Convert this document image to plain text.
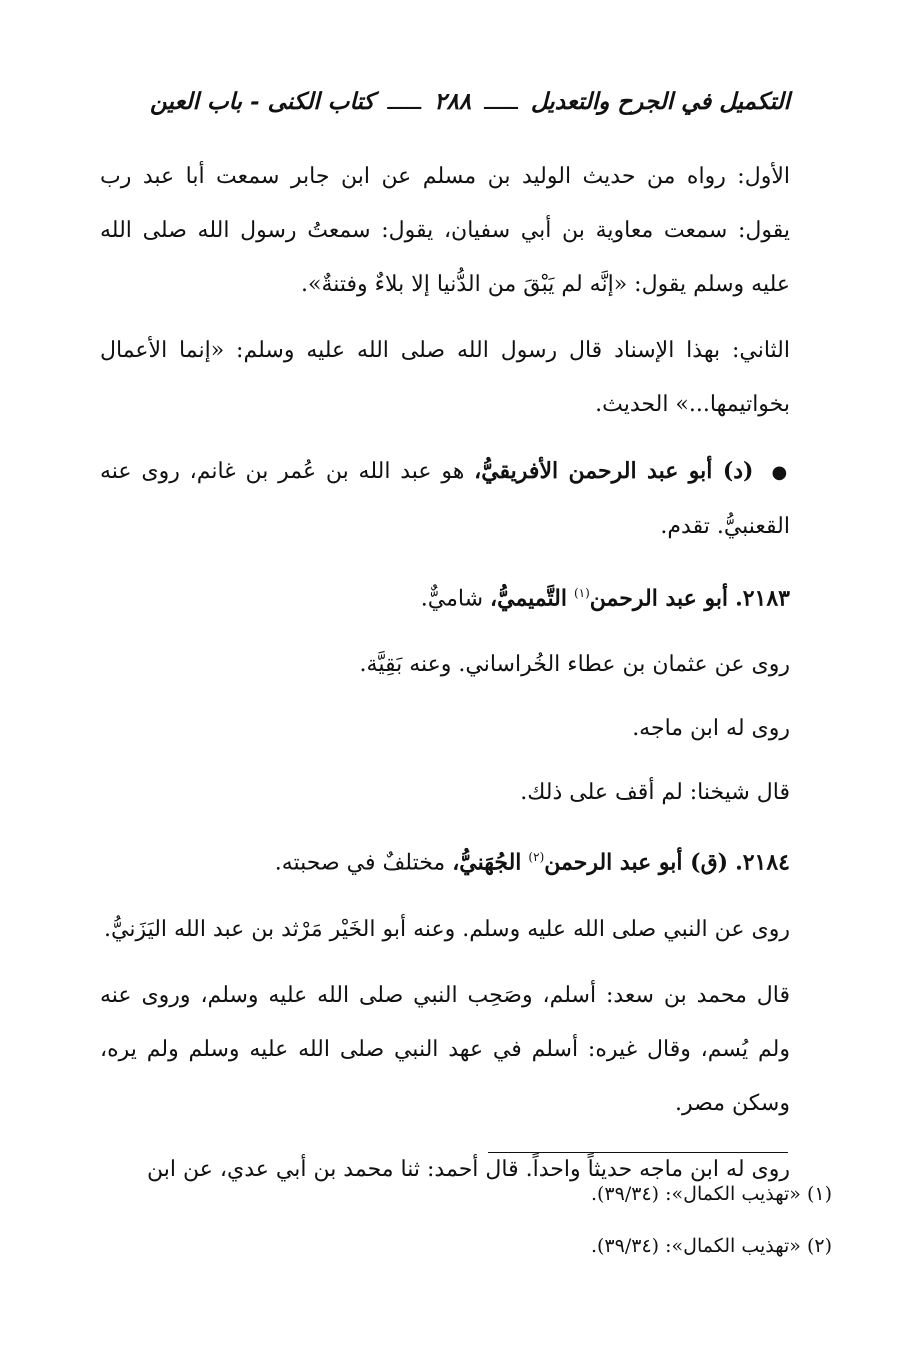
التكميل في الجرح والتعديل
ـــــ
٢٨٨
ـــــ
كتاب الكنى - باب العين

الأول: رواه من حديث الوليد بن مسلم عن ابن جابر سمعت أبا عبد رب يقول: سمعت معاوية بن أبي سفيان، يقول: سمعتُ رسول الله صلى الله عليه وسلم يقول: «إنَّه لم يَبْقَ من الدُّنيا إلا بلاءٌ وفتنةٌ».

الثاني: بهذا الإسناد قال رسول الله صلى الله عليه وسلم: «إنما الأعمال بخواتيمها...» الحديث.

●(د) أبو عبد الرحمن الأفريقيُّ، هو عبد الله بن عُمر بن غانم، روى عنه القعنبيُّ. تقدم.

٢١٨٣. أبو عبد الرحمن$^{(١)}$ التَّميميُّ، شاميٌّ.

روى عن عثمان بن عطاء الخُراساني. وعنه بَقِيَّة.

روى له ابن ماجه.

قال شيخنا: لم أقف على ذلك.

٢١٨٤. (ق) أبو عبد الرحمن$^{(٢)}$ الجُهَنيُّ، مختلفٌ في صحبته.

روى عن النبي صلى الله عليه وسلم. وعنه أبو الخَيْر مَرْثد بن عبد الله اليَزَنيُّ.

قال محمد بن سعد: أسلم، وصَحِب النبي صلى الله عليه وسلم، وروى عنه ولم يُسم، وقال غيره: أسلم في عهد النبي صلى الله عليه وسلم ولم يره، وسكن مصر.

روى له ابن ماجه حديثاً واحداً. قال أحمد: ثنا محمد بن أبي عدي، عن ابن

(١) «تهذيب الكمال»: (٣٩/٣٤).
(٢) «تهذيب الكمال»: (٣٩/٣٤).
